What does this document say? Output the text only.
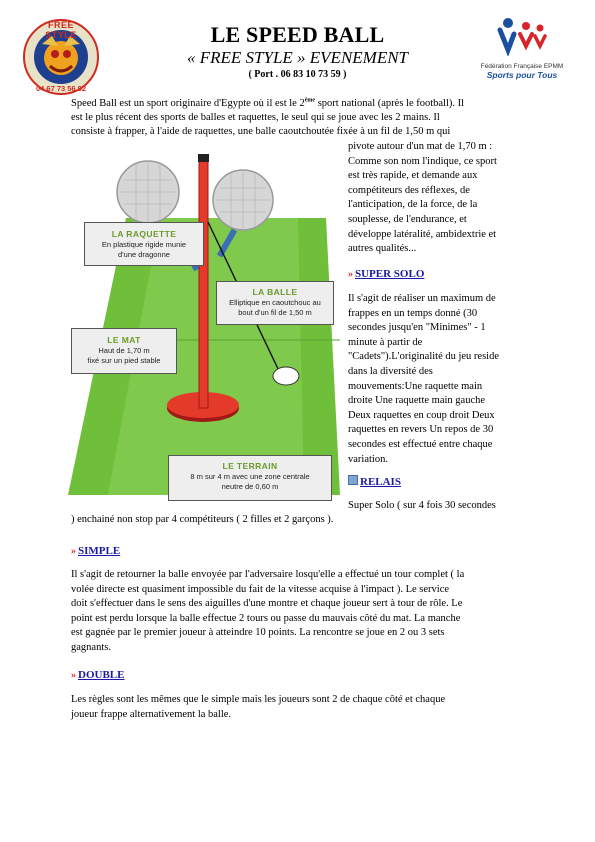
FREE STYLE
04 67 73 56 82
LE SPEED BALL
« FREE STYLE » EVENEMENT
( Port . 06 83 10 73 59 )
Fédération Française EPMM
Sports pour Tous
Speed Ball est un sport originaire d'Egypte où il est le 2ème sport national (après le football). Il
est le plus récent des sports de balles et raquettes, le seul qui se joue avec les 2 mains. Il
consiste à frapper, à l'aide de raquettes, une balle caoutchoutée fixée à un fil de 1,50 m qui
pivote autour d'un mat de 1,70 m :
Comme son nom l'indique, ce sport
est très rapide, et demande aux
compétiteurs des réflexes, de
l'anticipation, de la force, de la
souplesse, de l'endurance, et
développe latéralité, ambidextrie et
autres qualités...
LA RAQUETTE
En plastique rigide munie
d'une dragonne
LA BALLE
Elliptique en caoutchouc au
bout d'un fil de 1,50 m
LE MAT
Haut de 1,70 m
fixé sur un pied stable
LE TERRAIN
8 m sur 4 m avec une zone centrale
neutre de 0,60 m
» SUPER SOLO
Il s'agit de réaliser un maximum de
frappes en un temps donné (30
secondes jusqu'en "Minimes" - 1
minute à partir de
"Cadets").L'originalité du jeu reside
dans la diversité des
mouvements:Une raquette main
droite Une raquette main gauche
Deux raquettes en coup droit Deux
raquettes en revers Un repos de 30
secondes est effectué entre chaque
variation.
RELAIS
Super Solo ( sur 4 fois 30 secondes
) enchainé non stop par 4 compétiteurs ( 2 filles et 2 garçons ).
» SIMPLE
Il s'agit de retourner la balle envoyée par l'adversaire losqu'elle a effectué un tour complet ( la
volée directe est quasiment impossible du fait de la vitesse acquise à l'impact ). Le service
doit s'effectuer dans le sens des aiguilles d'une montre et chaque joueur sert à tour de rôle. Le
point est perdu lorsque la balle effectue 2 tours ou passe du mauvais côté du mat. La manche
est gagnée par le premier joueur à atteindre 10 points. La rencontre se joue en 2 ou 3 sets
gagnants.
» DOUBLE
Les règles sont les mêmes que le simple mais les joueurs sont 2 de chaque côté et chaque
joueur frappe alternativement la balle.
